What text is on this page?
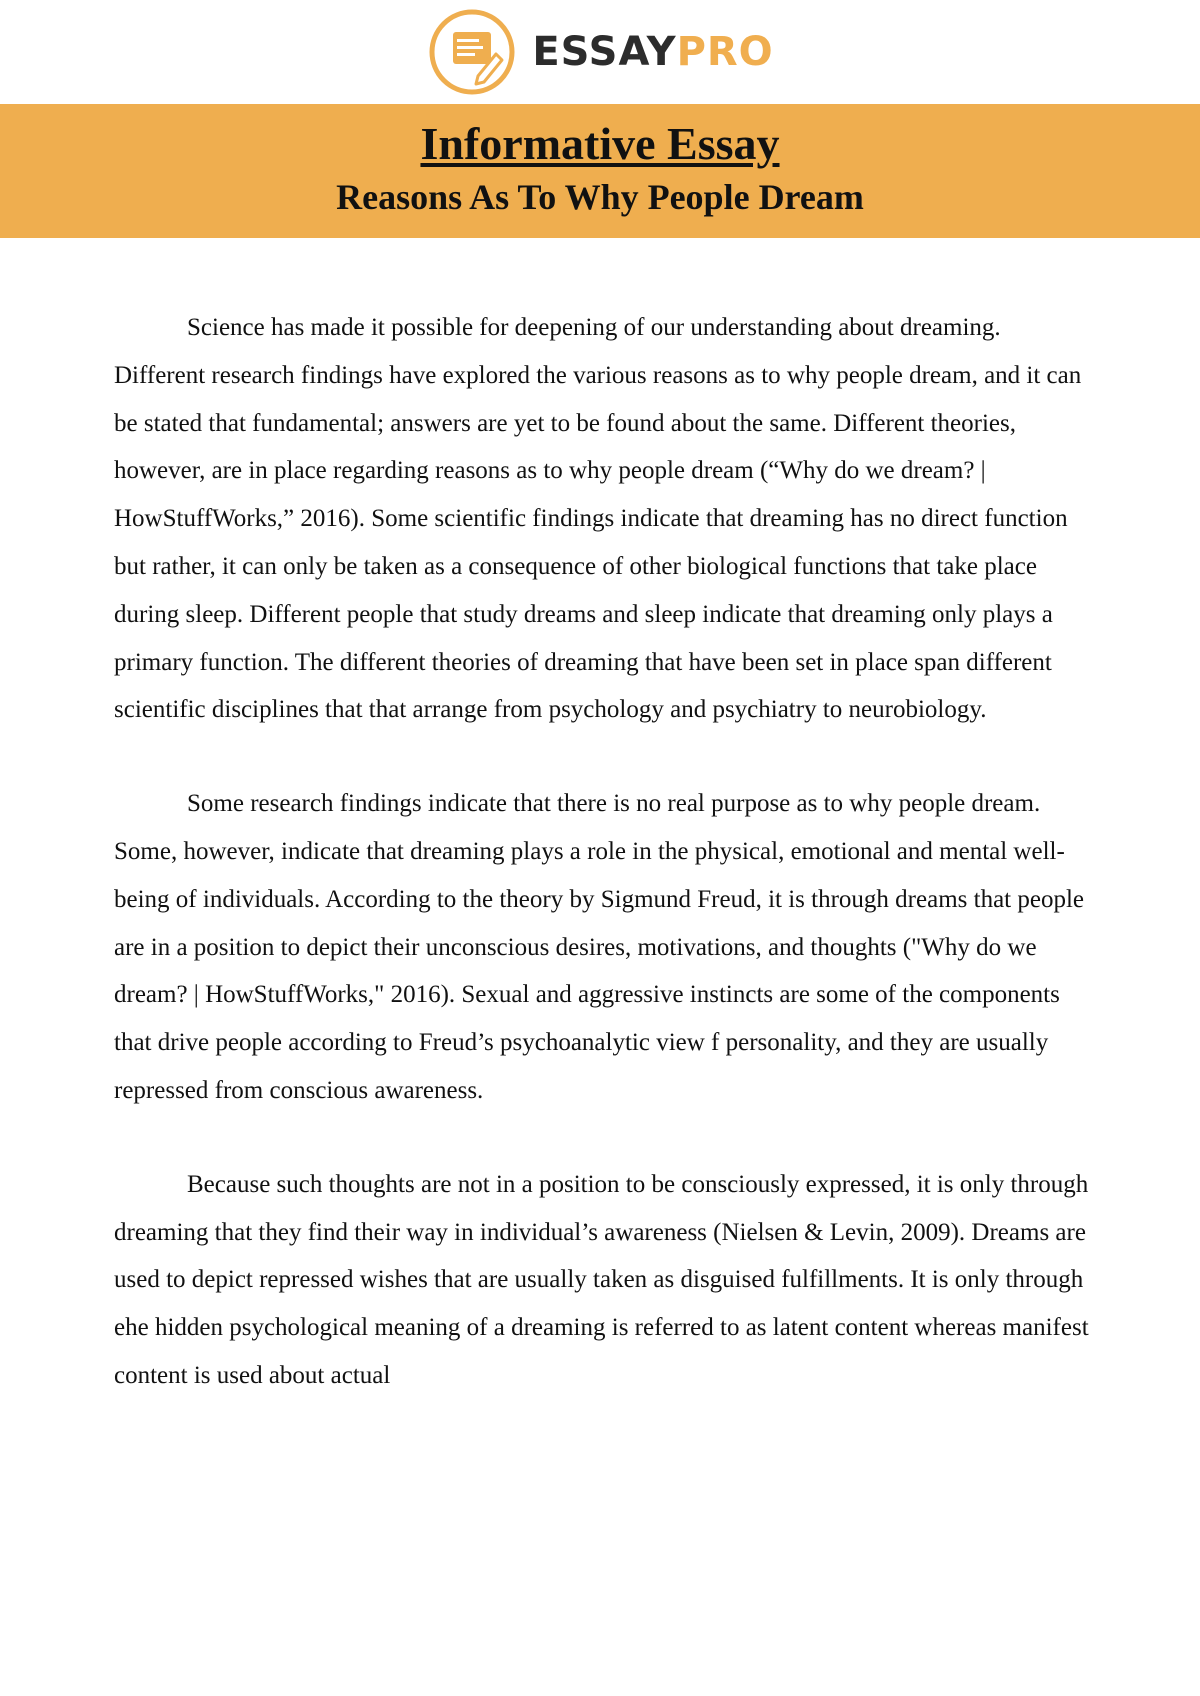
ESSAYPRO
Informative Essay
Reasons As To Why People Dream

Science has made it possible for deepening of our understanding about dreaming. Different research findings have explored the various reasons as to why people dream, and it can be stated that fundamental; answers are yet to be found about the same. Different theories, however, are in place regarding reasons as to why people dream (“Why do we dream? | HowStuffWorks,” 2016). Some scientific findings indicate that dreaming has no direct function but rather, it can only be taken as a consequence of other biological functions that take place during sleep. Different people that study dreams and sleep indicate that dreaming only plays a primary function. The different theories of dreaming that have been set in place span different scientific disciplines that that arrange from psychology and psychiatry to neurobiology.

Some research findings indicate that there is no real purpose as to why people dream. Some, however, indicate that dreaming plays a role in the physical, emotional and mental well-being of individuals. According to the theory by Sigmund Freud, it is through dreams that people are in a position to depict their unconscious desires, motivations, and thoughts ("Why do we dream? | HowStuffWorks," 2016). Sexual and aggressive instincts are some of the components that drive people according to Freud’s psychoanalytic view f personality, and they are usually repressed from conscious awareness.

Because such thoughts are not in a position to be consciously expressed, it is only through dreaming that they find their way in individual’s awareness (Nielsen & Levin, 2009). Dreams are used to depict repressed wishes that are usually taken as disguised fulfillments. It is only through ehe hidden psychological meaning of a dreaming is referred to as latent content whereas manifest content is used about actual
